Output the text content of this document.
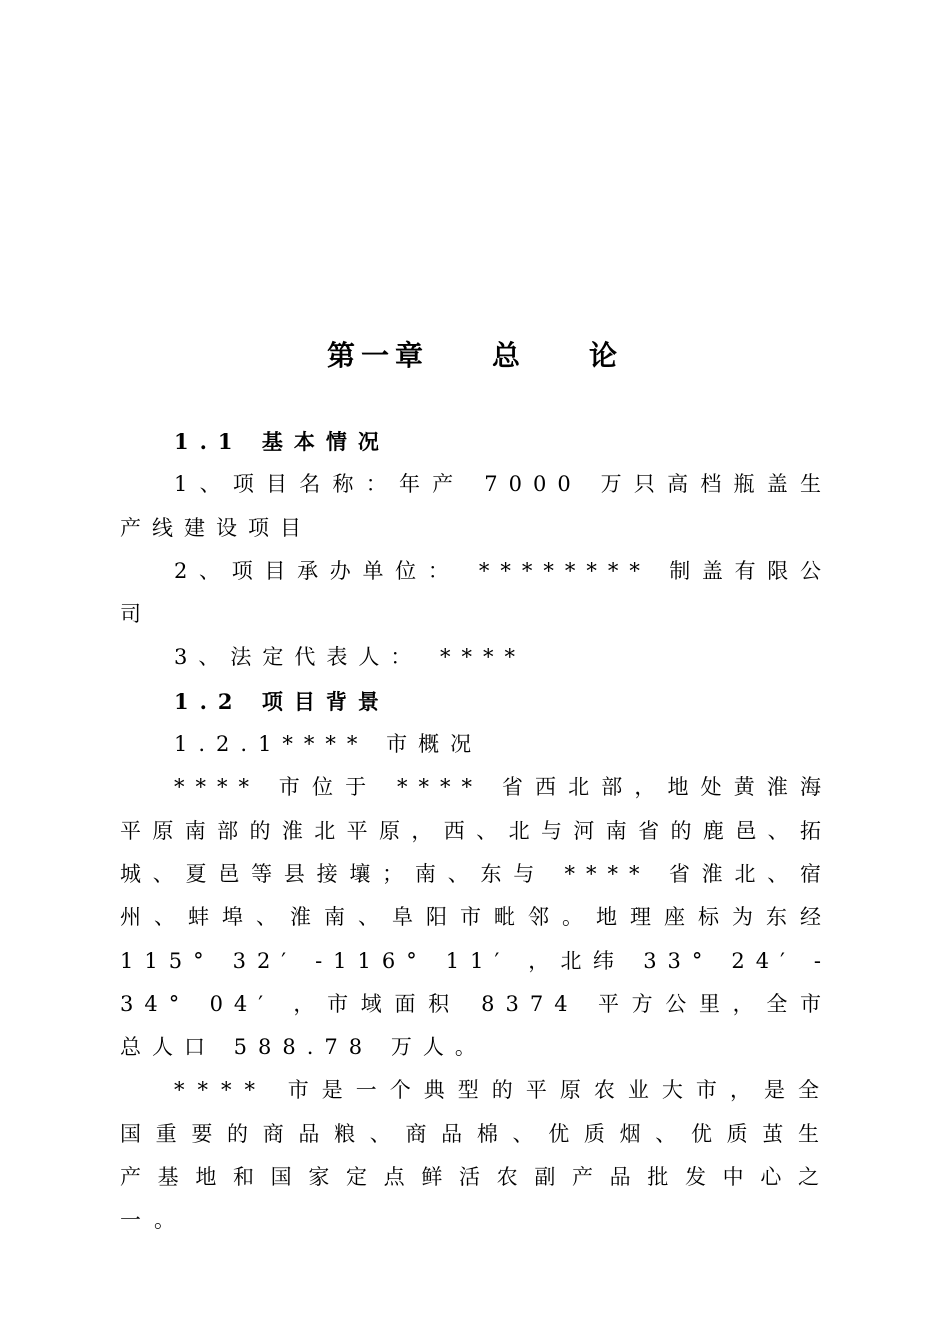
第一章    总    论

1.1 基本情况

1、项目名称：年产 7000 万只高档瓶盖生产线建设项目

2、项目承办单位： ******** 制盖有限公司

3、法定代表人： ****

1.2 项目背景

1.2.1**** 市概况

**** 市位于 **** 省西北部，地处黄淮海平原南部的淮北平原，西、北与河南省的鹿邑、拓城、夏邑等县接壤；南、东与 **** 省淮北、宿州、蚌埠、淮南、阜阳市毗邻。地理座标为东经 115° 32′ -116° 11′ ，北纬 33° 24′ -34° 04′ ，市域面积 8374 平方公里，全市总人口 588.78 万人。

**** 市是一个典型的平原农业大市，是全国重要的商品粮、商品棉、优质烟、优质茧生产基地和国家定点鲜活农副产品批发中心之一。
